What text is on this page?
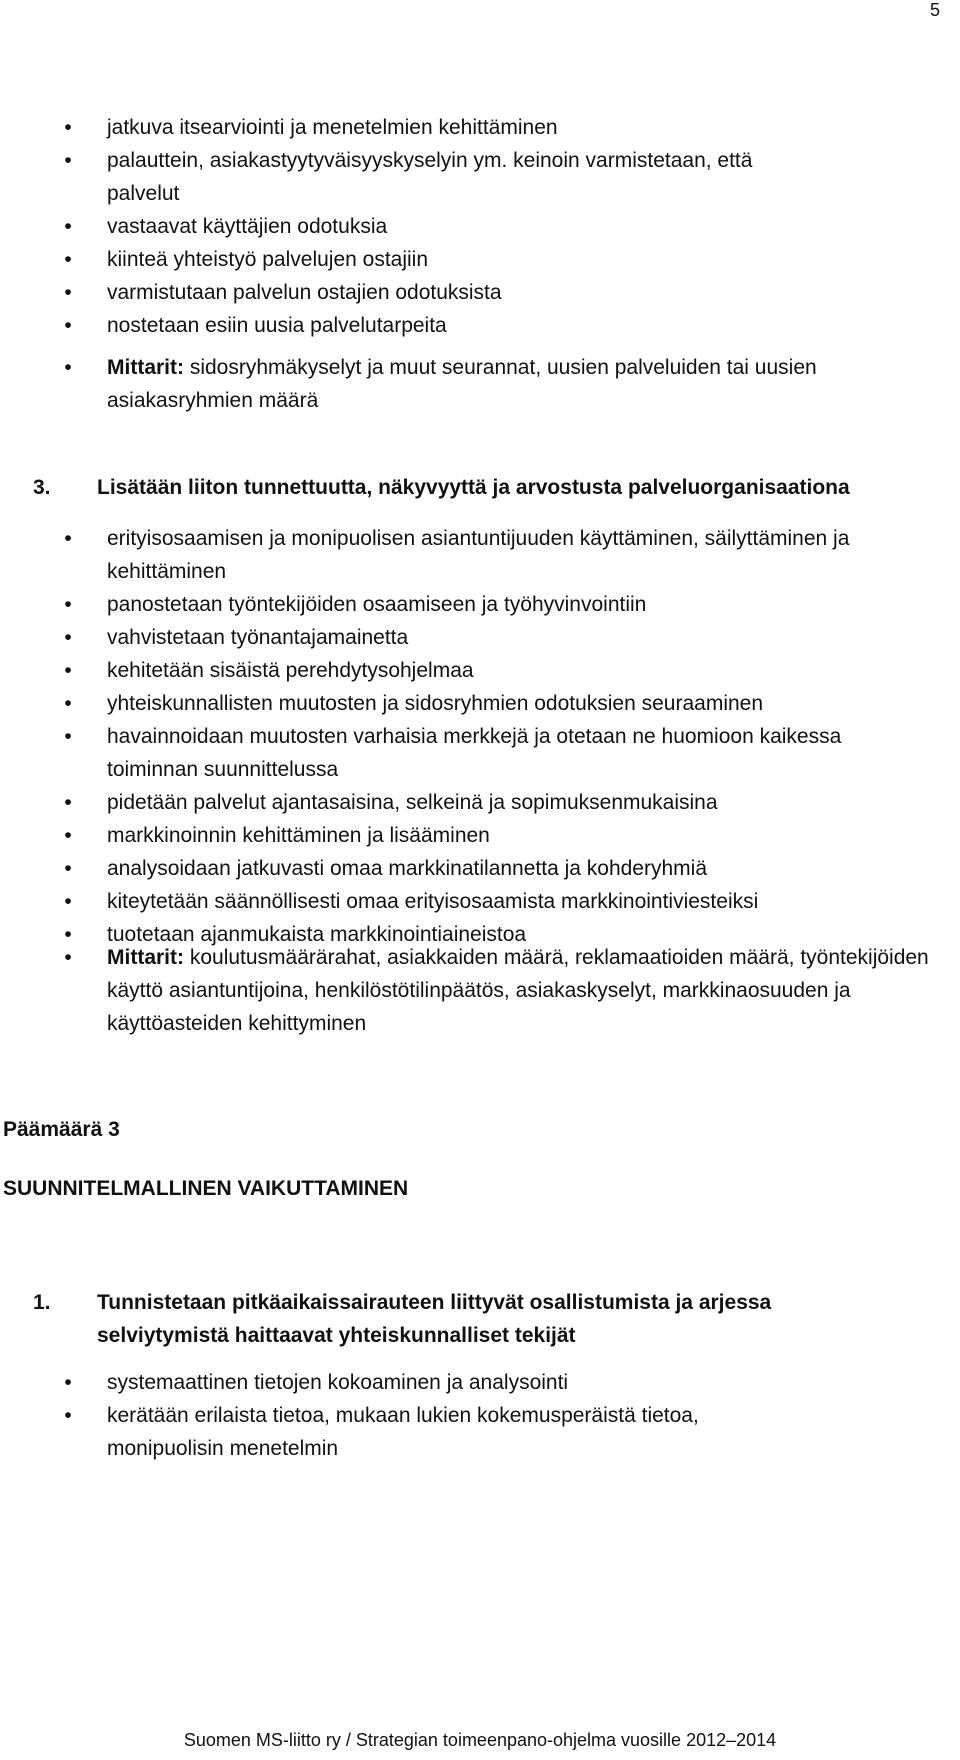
5
• jatkuva itsearviointi ja menetelmien kehittäminen
• palauttein, asiakastyytyväisyyskyselyin ym. keinoin varmistetaan, että palvelut
• vastaavat käyttäjien odotuksia
• kiinteä yhteistyö palvelujen ostajiin
• varmistutaan palvelun ostajien odotuksista
• nostetaan esiin uusia palvelutarpeita
• Mittarit: sidosryhmäkyselyt ja muut seurannat, uusien palveluiden tai uusien asiakasryhmien määrä
3. Lisätään liiton tunnettuutta, näkyvyyttä ja arvostusta palveluorganisaationa
• erityisosaamisen ja monipuolisen asiantuntijuuden käyttäminen, säilyttäminen ja kehittäminen
• panostetaan työntekijöiden osaamiseen ja työhyvinvointiin
• vahvistetaan työnantajamainetta
• kehitetään sisäistä perehdytysohjelmaa
• yhteiskunnallisten muutosten ja sidosryhmien odotuksien seuraaminen
• havainnoidaan muutosten varhaisia merkkejä ja otetaan ne huomioon kaikessa toiminnan suunnittelussa
• pidetään palvelut ajantasaisina, selkeinä ja sopimuksenmukaisina
• markkinoinnin kehittäminen ja lisääminen
• analysoidaan jatkuvasti omaa markkinatilannetta ja kohderyhmiä
• kiteytetään säännöllisesti omaa erityisosaamista markkinointiviesteiksi
• tuotetaan ajanmukaista markkinointiaineistoa
• Mittarit: koulutusmäärärahat, asiakkaiden määrä, reklamaatioiden määrä, työntekijöiden käyttö asiantuntijoina, henkilöstötilinpäätös, asiakaskyselyt, markkinaosuuden ja käyttöasteiden kehittyminen
Päämäärä 3
SUUNNITELMALLINEN VAIKUTTAMINEN
1. Tunnistetaan pitkäaikaissairauteen liittyvät osallistumista ja arjessa selviytymistä haittaavat yhteiskunnalliset tekijät
• systemaattinen tietojen kokoaminen ja analysointi
• kerätään erilaista tietoa, mukaan lukien kokemusperäistä tietoa, monipuolisin menetelmin
Suomen MS-liitto ry / Strategian toimeenpano-ohjelma vuosille 2012–2014
